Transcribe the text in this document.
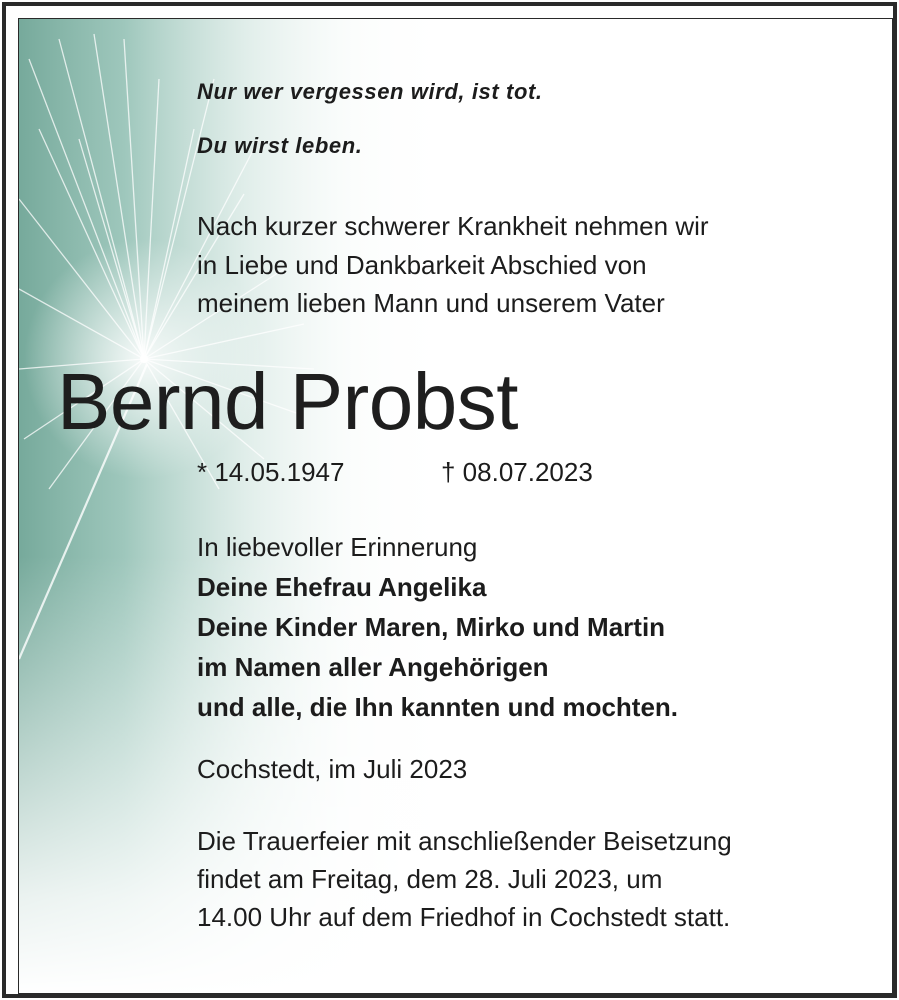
Nur wer vergessen wird, ist tot.
Du wirst leben.
Nach kurzer schwerer Krankheit nehmen wir
in Liebe und Dankbarkeit Abschied von
meinem lieben Mann und unserem Vater
Bernd Probst
* 14.05.1947	† 08.07.2023
In liebevoller Erinnerung
Deine Ehefrau Angelika
Deine Kinder Maren, Mirko und Martin
im Namen aller Angehörigen
und alle, die Ihn kannten und mochten.
Cochstedt, im Juli 2023
Die Trauerfeier mit anschließender Beisetzung
findet am Freitag, dem 28. Juli 2023, um
14.00 Uhr auf dem Friedhof in Cochstedt statt.
